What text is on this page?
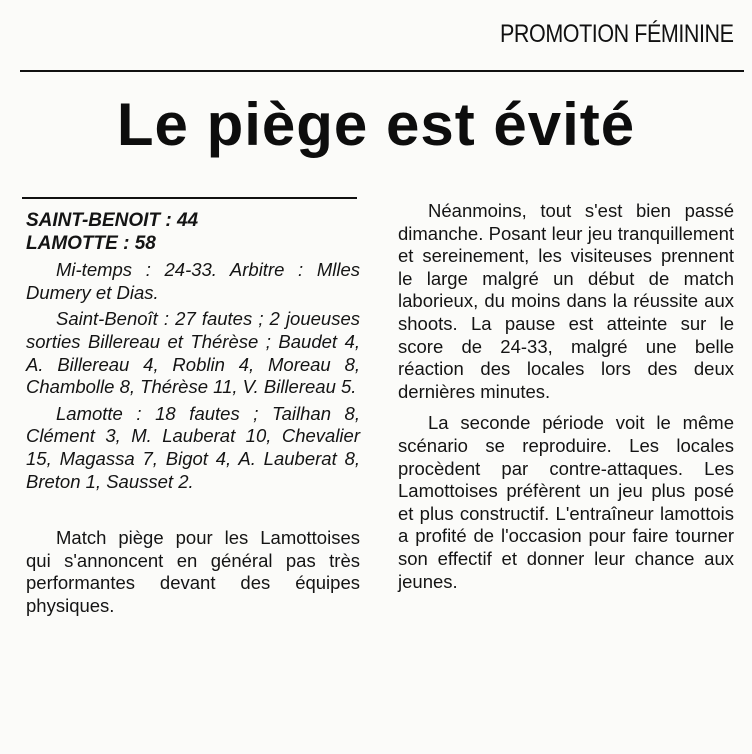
PROMOTION FÉMININE
Le piège est évité
SAINT-BENOIT : 44
LAMOTTE : 58

Mi-temps : 24-33. Arbitre : Mlles Dumery et Dias.

Saint-Benoît : 27 fautes ; 2 joueuses sorties Billereau et Thérèse ; Baudet 4, A. Billereau 4, Roblin 4, Moreau 8, Chambolle 8, Thérèse 11, V. Billereau 5.

Lamotte : 18 fautes ; Tailhan 8, Clément 3, M. Lauberat 10, Chevalier 15, Magassa 7, Bigot 4, A. Lauberat 8, Breton 1, Sausset 2.

Match piège pour les Lamottoises qui s'annoncent en général pas très performantes devant des équipes physiques.

Néanmoins, tout s'est bien passé dimanche. Posant leur jeu tranquillement et sereinement, les visiteuses prennent le large malgré un début de match laborieux, du moins dans la réussite aux shoots. La pause est atteinte sur le score de 24-33, malgré une belle réaction des locales lors des deux dernières minutes.

La seconde période voit le même scénario se reproduire. Les locales procèdent par contre-attaques. Les Lamottoises préfèrent un jeu plus posé et plus constructif. L'entraîneur lamottois a profité de l'occasion pour faire tourner son effectif et donner leur chance aux jeunes.
